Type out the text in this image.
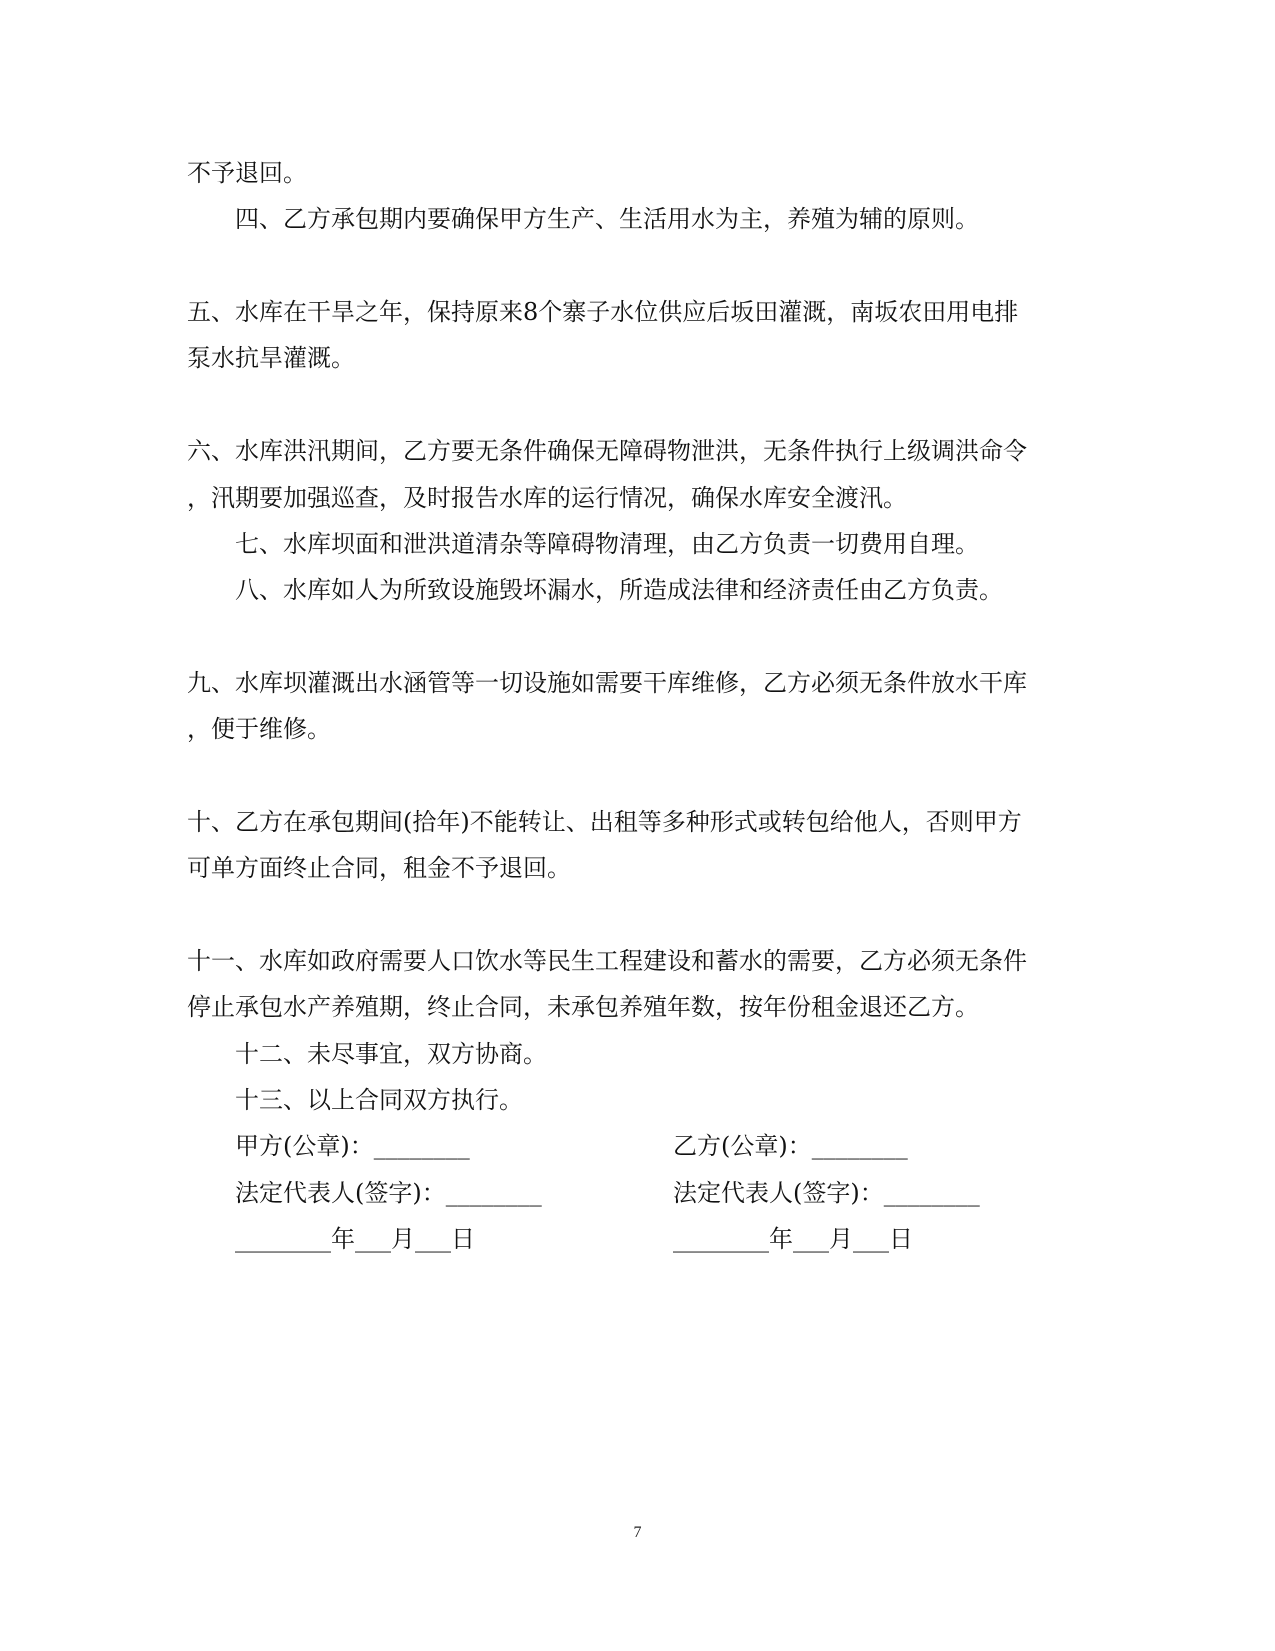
不予退回。

四、乙方承包期内要确保甲方生产、生活用水为主，养殖为辅的原则。

五、水库在干旱之年，保持原来8个寨子水位供应后坂田灌溉，南坂农田用电排

泵水抗旱灌溉。

六、水库洪汛期间，乙方要无条件确保无障碍物泄洪，无条件执行上级调洪命令

，汛期要加强巡查，及时报告水库的运行情况，确保水库安全渡汛。

七、水库坝面和泄洪道清杂等障碍物清理，由乙方负责一切费用自理。

八、水库如人为所致设施毁坏漏水，所造成法律和经济责任由乙方负责。

九、水库坝灌溉出水涵管等一切设施如需要干库维修，乙方必须无条件放水干库

，便于维修。

十、乙方在承包期间(拾年)不能转让、出租等多种形式或转包给他人，否则甲方

可单方面终止合同，租金不予退回。

十一、水库如政府需要人口饮水等民生工程建设和蓄水的需要，乙方必须无条件

停止承包水产养殖期，终止合同，未承包养殖年数，按年份租金退还乙方。

十二、未尽事宜，双方协商。

十三、以上合同双方执行。

甲方(公章)：________	乙方(公章)：________

法定代表人(签字)：________	法定代表人(签字)：________

________年___月___日	________年___月___日

7
